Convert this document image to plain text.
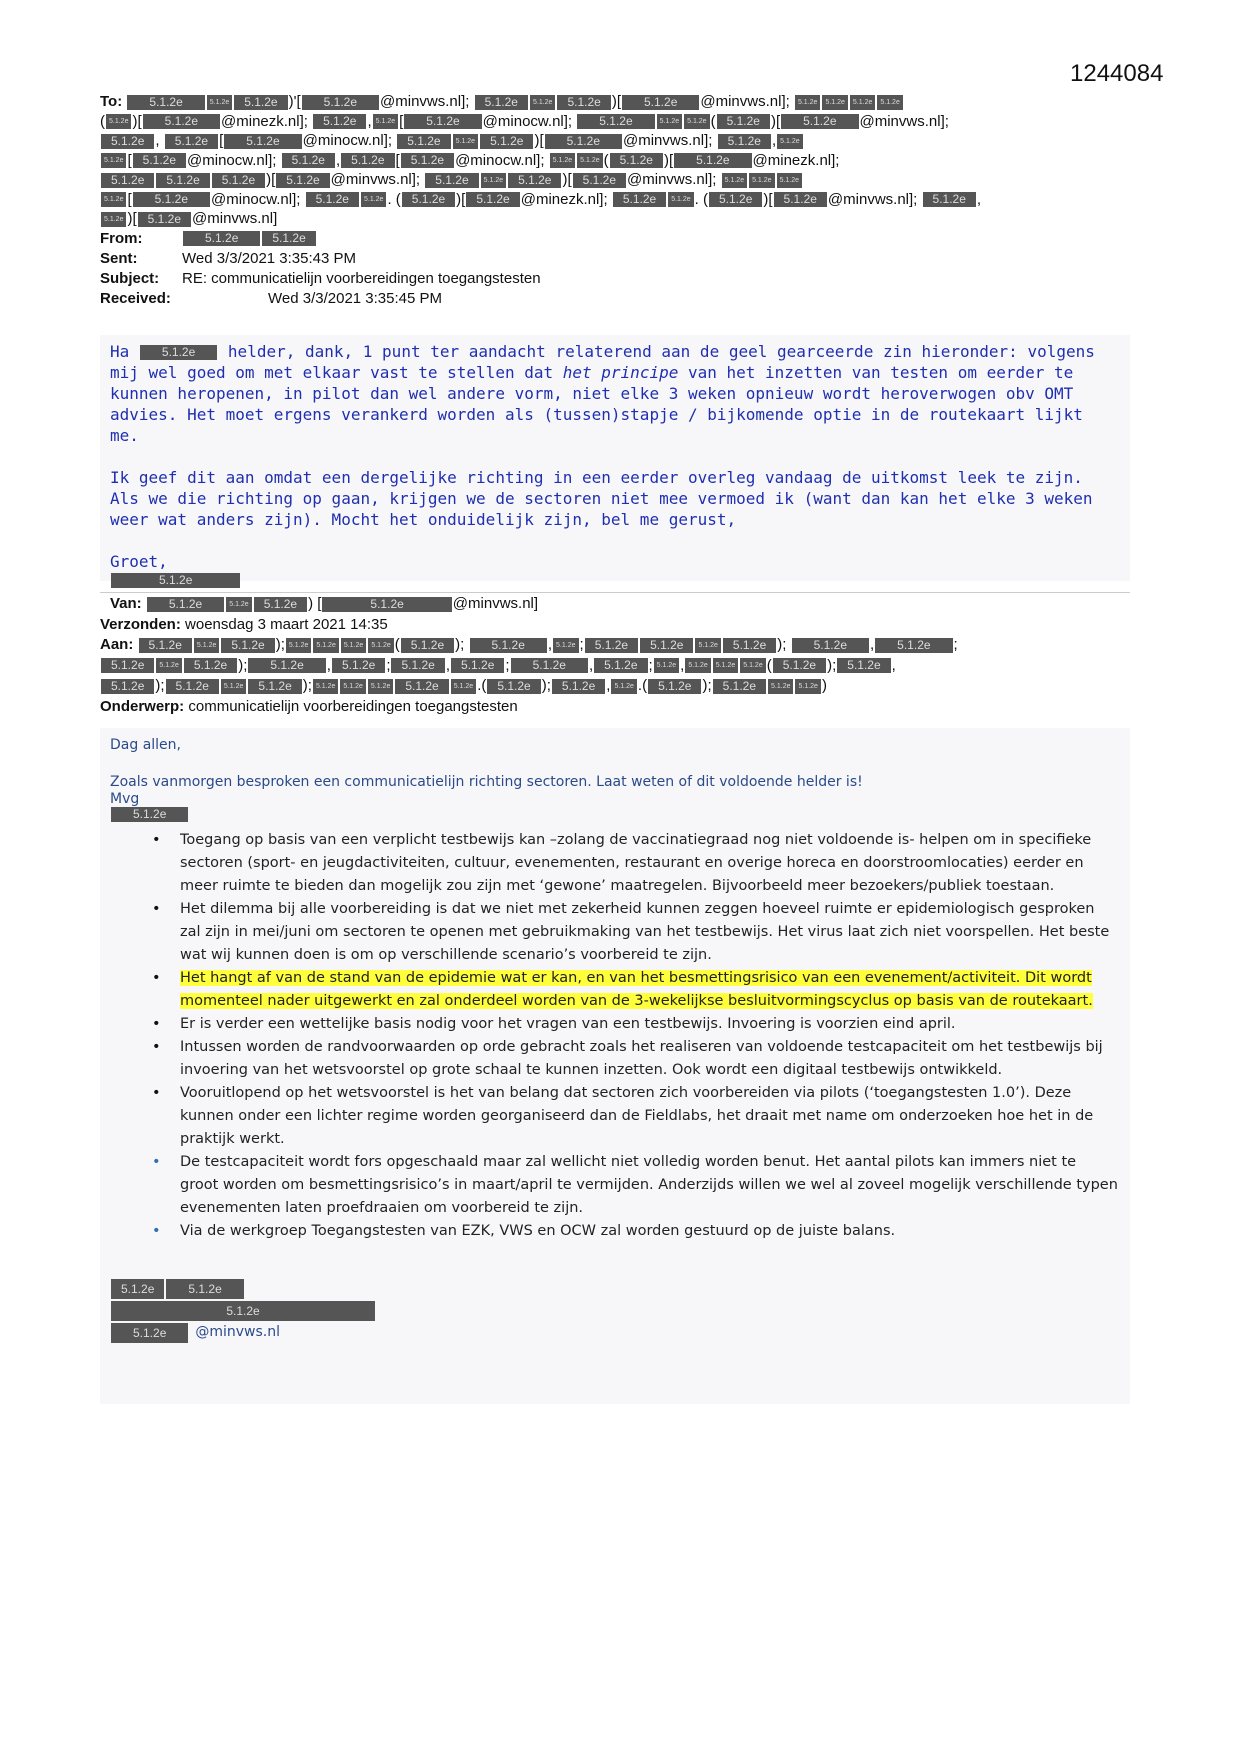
1244084
To: 5.1.2e	5.1.2e 5.1.2e )'[ 5.1.2e @minvws.nl]; 5.1.2e 5.1.2e 5.1.2e )[ 5.1.2e @minvws.nl]; 5.1.2e 5.1.2e 5.1.2e 5.1.2e
( 5.1.2e )[ 5.1.2e @minezk.nl]; 5.1.2e , 5.1.2e [ 5.1.2e @minocw.nl]; 5.1.2e	5.1.2e 5.1.2e ( 5.1.2e )[ 5.1.2e @minvws.nl];
5.1.2e , 5.1.2e [ 5.1.2e @minocw.nl]; 5.1.2e 5.1.2e 5.1.2e )[ 5.1.2e @minvws.nl]; 5.1.2e , 5.1.2e
5.1.2e [ 5.1.2e @minocw.nl]; 5.1.2e , 5.1.2e [ 5.1.2e @minocw.nl]; 5.1.2e 5.1.2e ( 5.1.2e )[ 5.1.2e @minezk.nl];
5.1.2e 5.1.2e 5.1.2e )[ 5.1.2e @minvws.nl]; 5.1.2e 5.1.2e 5.1.2e )[ 5.1.2e @minvws.nl]; 5.1.2e 5.1.2e 5.1.2e
5.1.2e [ 5.1.2e @minocw.nl]; 5.1.2e 5.1.2e . ( 5.1.2e )[ 5.1.2e @minezk.nl]; 5.1.2e 5.1.2e . ( 5.1.2e )[ 5.1.2e @minvws.nl]; 5.1.2e ,
5.1.2e )[ 5.1.2e @minvws.nl]
From:	5.1.2e	5.1.2e
Sent:	Wed 3/3/2021 3:35:43 PM
Subject: RE: communicatielijn voorbereidingen toegangstesten
Received:	Wed 3/3/2021 3:35:45 PM
Ha	5.1.2e helder, dank, 1 punt ter aandacht relaterend aan de geel gearceerde zin hieronder: volgens mij wel goed om met elkaar vast te stellen dat het principe van het inzetten van testen om eerder te kunnen heropenen, in pilot dan wel andere vorm, niet elke 3 weken opnieuw wordt heroverwogen obv OMT advies. Het moet ergens verankerd worden als (tussen)stapje / bijkomende optie in de routekaart lijkt me.
Ik geef dit aan omdat een dergelijke richting in een eerder overleg vandaag de uitkomst leek te zijn. Als we die richting op gaan, krijgen we de sectoren niet mee vermoed ik (want dan kan het elke 3 weken weer wat anders zijn). Mocht het onduidelijk zijn, bel me gerust,
Groet,
5.1.2e
Van: 5.1.2e	5.1.2e 5.1.2e ) [	5.1.2e	@minvws.nl]
Verzonden: woensdag 3 maart 2021 14:35
Aan: 5.1.2e 5.1.2e 5.1.2e ); 5.1.2e 5.1.2e 5.1.2e 5.1.2e ( 5.1.2e ); 5.1.2e , 5.1.2e ; 5.1.2e 5.1.2e 5.1.2e 5.1.2e ); 5.1.2e , 5.1.2e ;
5.1.2e 5.1.2e 5.1.2e ); 5.1.2e , 5.1.2e ; 5.1.2e , 5.1.2e ; 5.1.2e , 5.1.2e ; 5.1.2e , 5.1.2e 5.1.2e 5.1.2e ( 5.1.2e ); 5.1.2e ,
5.1.2e ); 5.1.2e 5.1.2e 5.1.2e ); 5.1.2e 5.1.2e 5.1.2e 5.1.2e 5.1.2e .( 5.1.2e ); 5.1.2e , 5.1.2e .( 5.1.2e ); 5.1.2e 5.1.2e 5.1.2e )
Onderwerp: communicatielijn voorbereidingen toegangstesten
Dag allen,
Zoals vanmorgen besproken een communicatielijn richting sectoren. Laat weten of dit voldoende helder is!
Mvg
5.1.2e
• Toegang op basis van een verplicht testbewijs kan –zolang de vaccinatiegraad nog niet voldoende is- helpen om in specifieke sectoren (sport- en jeugdactiviteiten, cultuur, evenementen, restaurant en overige horeca en doorstroomlocaties) eerder en meer ruimte te bieden dan mogelijk zou zijn met ‘gewone’ maatregelen. Bijvoorbeeld meer bezoekers/publiek toestaan.
• Het dilemma bij alle voorbereiding is dat we niet met zekerheid kunnen zeggen hoeveel ruimte er epidemiologisch gesproken zal zijn in mei/juni om sectoren te openen met gebruikmaking van het testbewijs. Het virus laat zich niet voorspellen. Het beste wat wij kunnen doen is om op verschillende scenario’s voorbereid te zijn.
• Het hangt af van de stand van de epidemie wat er kan, en van het besmettingsrisico van een evenement/activiteit. Dit wordt momenteel nader uitgewerkt en zal onderdeel worden van de 3-wekelijkse besluitvormingscyclus op basis van de routekaart.
• Er is verder een wettelijke basis nodig voor het vragen van een testbewijs. Invoering is voorzien eind april.
• Intussen worden de randvoorwaarden op orde gebracht zoals het realiseren van voldoende testcapaciteit om het testbewijs bij invoering van het wetsvoorstel op grote schaal te kunnen inzetten. Ook wordt een digitaal testbewijs ontwikkeld.
• Vooruitlopend op het wetsvoorstel is het van belang dat sectoren zich voorbereiden via pilots (‘toegangstesten 1.0’). Deze kunnen onder een lichter regime worden georganiseerd dan de Fieldlabs, het draait met name om onderzoeken hoe het in de praktijk werkt.
• De testcapaciteit wordt fors opgeschaald maar zal wellicht niet volledig worden benut. Het aantal pilots kan immers niet te groot worden om besmettingsrisico’s in maart/april te vermijden. Anderzijds willen we wel al zoveel mogelijk verschillende typen evenementen laten proefdraaien om voorbereid te zijn.
• Via de werkgroep Toegangstesten van EZK, VWS en OCW zal worden gestuurd op de juiste balans.
5.1.2e	5.1.2e
5.1.2e
5.1.2e @minvws.nl
